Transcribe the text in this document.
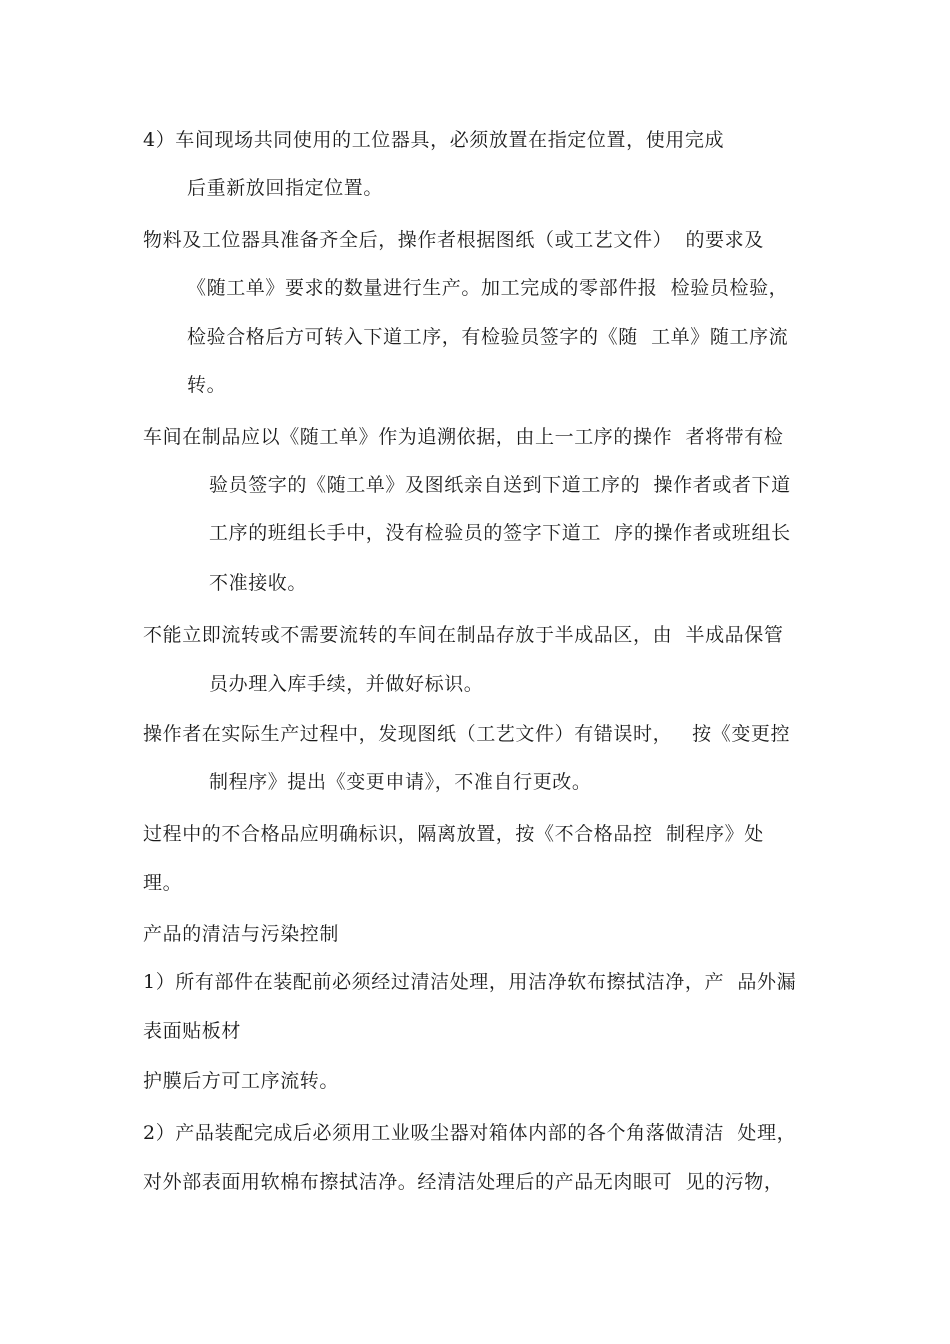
4）车间现场共同使用的工位器具，必须放置在指定位置，使用完成
后重新放回指定位置。
物料及工位器具准备齐全后，操作者根据图纸（或工艺文件）  的要求及
《随工单》要求的数量进行生产。加工完成的零部件报  检验员检验，
检验合格后方可转入下道工序，有检验员签字的《随  工单》随工序流
转。
车间在制品应以《随工单》作为追溯依据，由上一工序的操作  者将带有检
验员签字的《随工单》及图纸亲自送到下道工序的  操作者或者下道
工序的班组长手中，没有检验员的签字下道工  序的操作者或班组长
不准接收。
不能立即流转或不需要流转的车间在制品存放于半成品区，由  半成品保管
员办理入库手续，并做好标识。
操作者在实际生产过程中，发现图纸（工艺文件）有错误时，   按《变更控
制程序》提出《变更申请》，不准自行更改。
过程中的不合格品应明确标识，隔离放置，按《不合格品控  制程序》处
理。
产品的清洁与污染控制
1）所有部件在装配前必须经过清洁处理，用洁净软布擦拭洁净，产  品外漏
表面贴板材
护膜后方可工序流转。
2）产品装配完成后必须用工业吸尘器对箱体内部的各个角落做清洁  处理，
对外部表面用软棉布擦拭洁净。经清洁处理后的产品无肉眼可  见的污物，
